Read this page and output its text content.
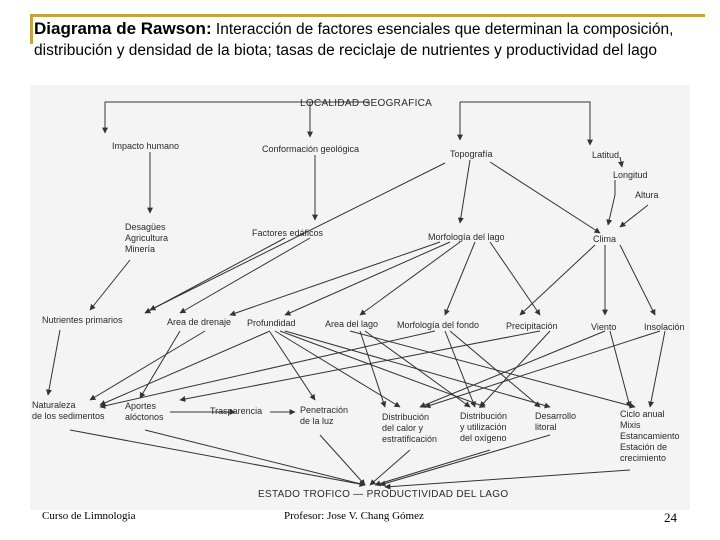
Diagrama de Rawson: Interacción de factores esenciales que determinan la composición, distribución y densidad de la biota; tasas de reciclaje de nutrientes y productividad del lago
LOCALIDAD GEOGRAFICA
Impacto humano	Conformación geológica	Topografía	Latitud
Longitud
Altura
Desagües
Agricultura
Minería
Factores edáficos	Morfología del lago	Clima
Nutrientes primarios	Area de drenaje Profundidad	Area del lago Morfología del fondo	Precipitación	Viento	Insolación
Naturaleza
de los sedimentos
Aportes
alóctonos
Trasparencia	Penetración
de la luz	Distribución
del calor y
estratificación
Distribución
y utilización
del oxígeno
Desarrollo
litoral
Ciclo anual
Mixis
Estancamiento
Estación de
crecimiento
ESTADO TROFICO — PRODUCTIVIDAD DEL LAGO
Curso de Limnologia	Profesor: Jose V. Chang Gómez	24
